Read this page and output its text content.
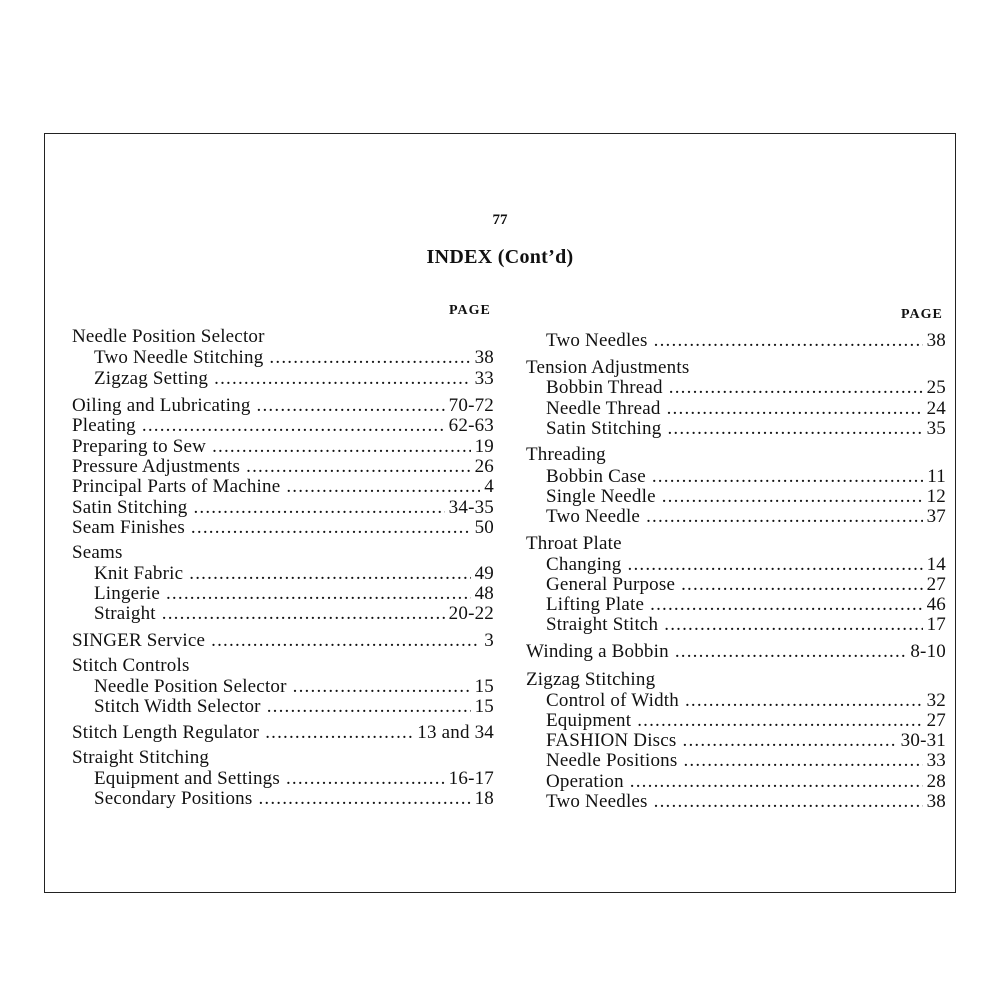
77
INDEX (Cont’d)
PAGE	PAGE
Needle Position Selector
Two Needle Stitching .....	38
Zigzag Setting .....	33
Oiling and Lubricating .....	70-72
Pleating .....	62-63
Preparing to Sew .....	19
Pressure Adjustments .....	26
Principal Parts of Machine .....	4
Satin Stitching .....	34-35
Seam Finishes .....	50
Seams
Knit Fabric .....	49
Lingerie .....	48
Straight .....	20-22
SINGER Service .....	3
Stitch Controls
Needle Position Selector .....	15
Stitch Width Selector .....	15
Stitch Length Regulator .....	13 and 34
Straight Stitching
Equipment and Settings .....	16-17
Secondary Positions .....	18
Two Needles .....	38
Tension Adjustments
Bobbin Thread .....	25
Needle Thread .....	24
Satin Stitching .....	35
Threading
Bobbin Case .....	11
Single Needle .....	12
Two Needle .....	37
Throat Plate
Changing .....	14
General Purpose .....	27
Lifting Plate .....	46
Straight Stitch .....	17
Winding a Bobbin .....	8-10
Zigzag Stitching
Control of Width .....	32
Equipment .....	27
FASHION Discs .....	30-31
Needle Positions .....	33
Operation .....	28
Two Needles .....	38
